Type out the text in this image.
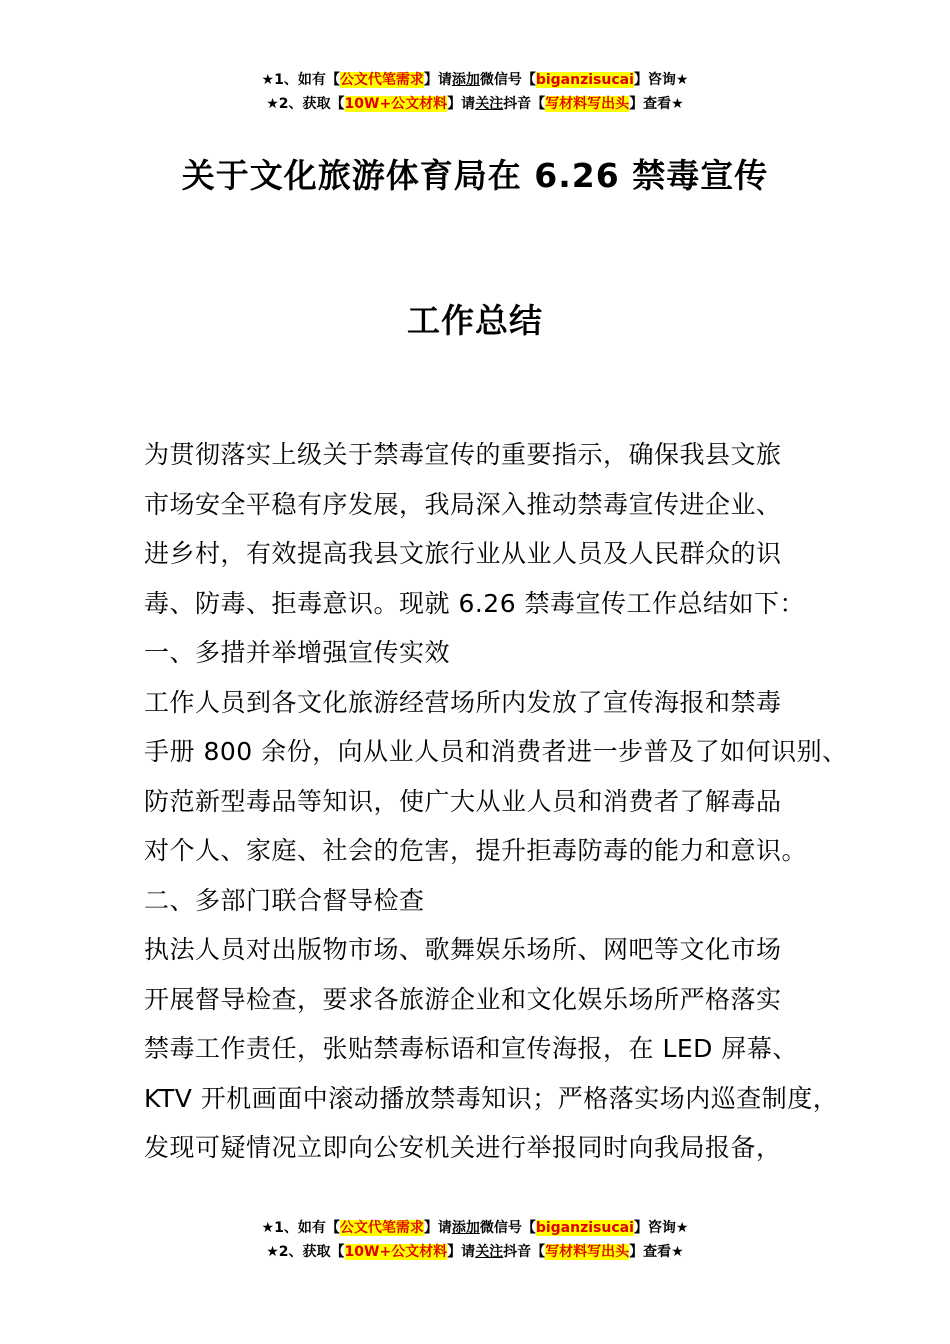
★1、如有【公文代笔需求】请添加微信号【biganzisucai】咨询★
★2、获取【10W+公文材料】请关注抖音【写材料写出头】查看★
关于文化旅游体育局在 6.26 禁毒宣传
工作总结
为贯彻落实上级关于禁毒宣传的重要指示，确保我县文旅
市场安全平稳有序发展，我局深入推动禁毒宣传进企业、
进乡村，有效提高我县文旅行业从业人员及人民群众的识
毒、防毒、拒毒意识。现就 6.26 禁毒宣传工作总结如下：
一、多措并举增强宣传实效
工作人员到各文化旅游经营场所内发放了宣传海报和禁毒
手册 800 余份，向从业人员和消费者进一步普及了如何识别、
防范新型毒品等知识，使广大从业人员和消费者了解毒品
对个人、家庭、社会的危害，提升拒毒防毒的能力和意识。
二、多部门联合督导检查
执法人员对出版物市场、歌舞娱乐场所、网吧等文化市场
开展督导检查，要求各旅游企业和文化娱乐场所严格落实
禁毒工作责任，张贴禁毒标语和宣传海报，在 LED 屏幕、
KTV 开机画面中滚动播放禁毒知识；严格落实场内巡查制度，
发现可疑情况立即向公安机关进行举报同时向我局报备，
★1、如有【公文代笔需求】请添加微信号【biganzisucai】咨询★
★2、获取【10W+公文材料】请关注抖音【写材料写出头】查看★
